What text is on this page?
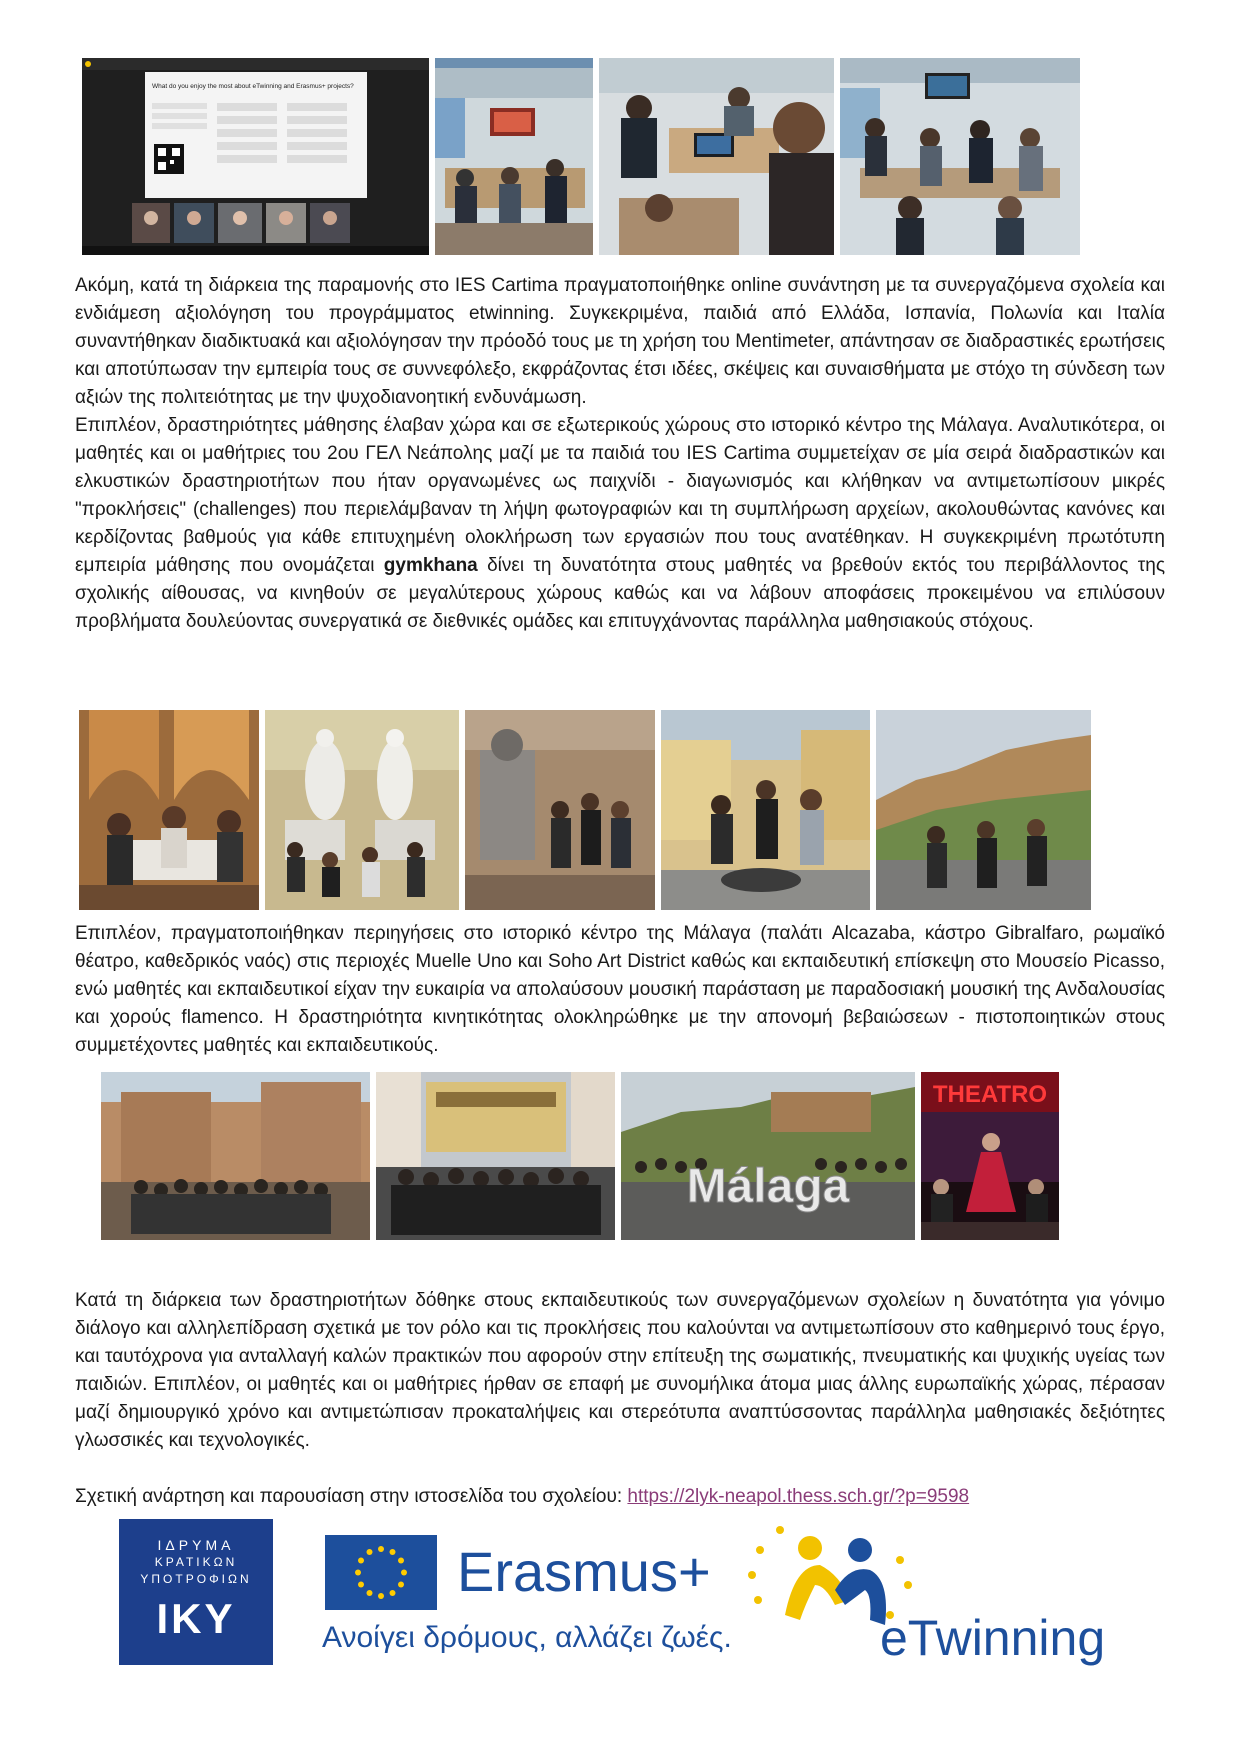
What do you enjoy the most about eTwinning and Erasmus+ projects?

Ακόμη, κατά τη διάρκεια της παραμονής στο IES Cartima πραγματοποιήθηκε online συνάντηση με τα συνεργαζόμενα σχολεία και ενδιάμεση αξιολόγηση του προγράμματος etwinning. Συγκεκριμένα, παιδιά από Ελλάδα, Ισπανία, Πολωνία και Ιταλία συναντήθηκαν διαδικτυακά και αξιολόγησαν την πρόοδό τους με τη χρήση του Mentimeter, απάντησαν σε διαδραστικές ερωτήσεις και αποτύπωσαν την εμπειρία τους σε συννεφόλεξο, εκφράζοντας έτσι ιδέες, σκέψεις και συναισθήματα με στόχο τη σύνδεση των αξιών της πολιτειότητας με την ψυχοδιανοητική ενδυνάμωση.

Επιπλέον, δραστηριότητες μάθησης έλαβαν χώρα και σε εξωτερικούς χώρους στο ιστορικό κέντρο της Μάλαγα. Αναλυτικότερα, οι μαθητές και οι μαθήτριες του 2ου ΓΕΛ Νεάπολης μαζί με τα παιδιά του IES Cartima συμμετείχαν σε μία σειρά διαδραστικών και ελκυστικών δραστηριοτήτων που ήταν οργανωμένες ως παιχνίδι - διαγωνισμός και κλήθηκαν να αντιμετωπίσουν μικρές "προκλήσεις" (challenges) που περιελάμβαναν τη λήψη φωτογραφιών και τη συμπλήρωση αρχείων, ακολουθώντας κανόνες και κερδίζοντας βαθμούς για κάθε επιτυχημένη ολοκλήρωση των εργασιών που τους ανατέθηκαν. Η συγκεκριμένη πρωτότυπη εμπειρία μάθησης που ονομάζεται gymkhana δίνει τη δυνατότητα στους μαθητές να βρεθούν εκτός του περιβάλλοντος της σχολικής αίθουσας, να κινηθούν σε μεγαλύτερους χώρους καθώς και να λάβουν αποφάσεις προκειμένου να επιλύσουν προβλήματα δουλεύοντας συνεργατικά σε διεθνικές ομάδες και επιτυγχάνοντας παράλληλα μαθησιακούς στόχους.

Επιπλέον, πραγματοποιήθηκαν περιηγήσεις στο ιστορικό κέντρο της Μάλαγα (παλάτι Alcazaba, κάστρο Gibralfaro, ρωμαϊκό θέατρο, καθεδρικός ναός) στις περιοχές Muelle Uno και Soho Art District καθώς και εκπαιδευτική επίσκεψη στο Μουσείο Picasso, ενώ μαθητές και εκπαιδευτικοί είχαν την ευκαιρία να απολαύσουν μουσική παράσταση με παραδοσιακή μουσική της Ανδαλουσίας και χορούς flamenco. Η δραστηριότητα κινητικότητας ολοκληρώθηκε με την απονομή βεβαιώσεων - πιστοποιητικών στους συμμετέχοντες μαθητές και εκπαιδευτικούς.

Málaga
THEATRO

Κατά τη διάρκεια των δραστηριοτήτων δόθηκε στους εκπαιδευτικούς των συνεργαζόμενων σχολείων η δυνατότητα για γόνιμο διάλογο και αλληλεπίδραση σχετικά με τον ρόλο και τις προκλήσεις που καλούνται να αντιμετωπίσουν στο καθημερινό τους έργο, και ταυτόχρονα για ανταλλαγή καλών πρακτικών που αφορούν στην επίτευξη της σωματικής, πνευματικής και ψυχικής υγείας των παιδιών. Επιπλέον, οι μαθητές και οι μαθήτριες ήρθαν σε επαφή με συνομήλικα άτομα μιας άλλης ευρωπαϊκής χώρας, πέρασαν μαζί δημιουργικό χρόνο και αντιμετώπισαν προκαταλήψεις και στερεότυπα αναπτύσσοντας παράλληλα μαθησιακές δεξιότητες γλωσσικές και τεχνολογικές.

Σχετική ανάρτηση και παρουσίαση στην ιστοσελίδα του σχολείου: https://2lyk-neapol.thess.sch.gr/?p=9598
ΙΔΡΥΜΑ
ΚΡΑΤΙΚΩΝ
ΥΠΟΤΡΟΦΙΩΝ
ΙΚΥ
Erasmus+
Ανοίγει δρόμους, αλλάζει ζωές.	eTwinning
